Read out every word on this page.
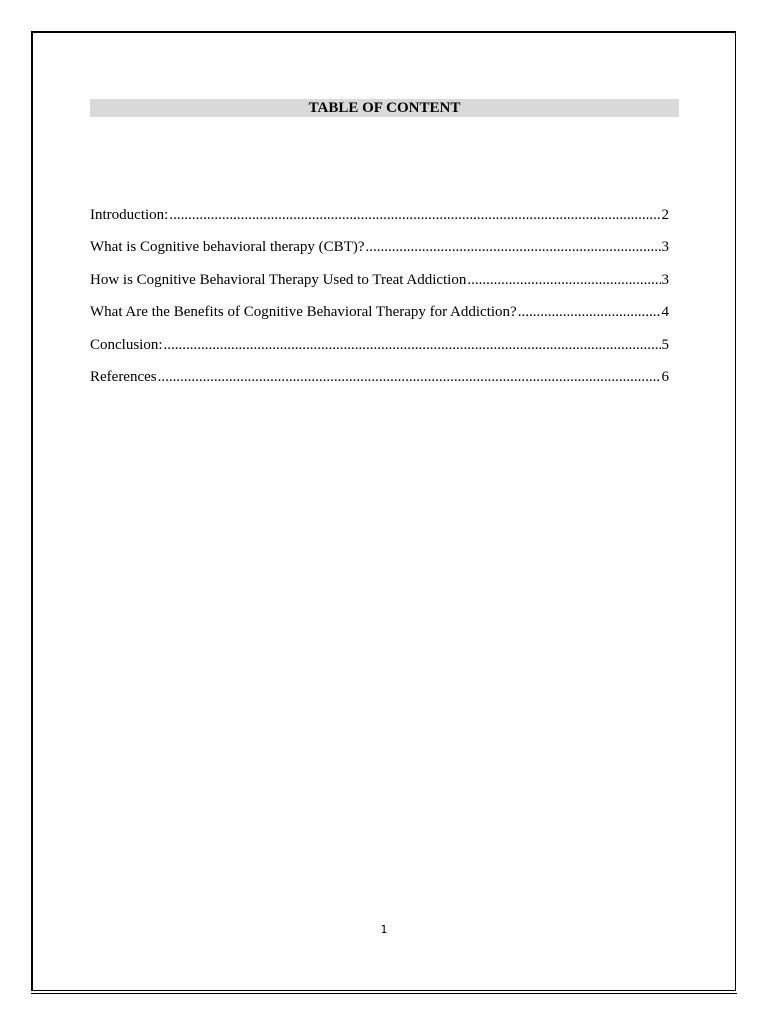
TABLE OF CONTENT
Introduction: .....	2
What is Cognitive behavioral therapy (CBT)? .....	3
How is Cognitive Behavioral Therapy Used to Treat Addiction .....	3
What Are the Benefits of Cognitive Behavioral Therapy for Addiction? .....	4
Conclusion: .....	5
References .....	6
1
